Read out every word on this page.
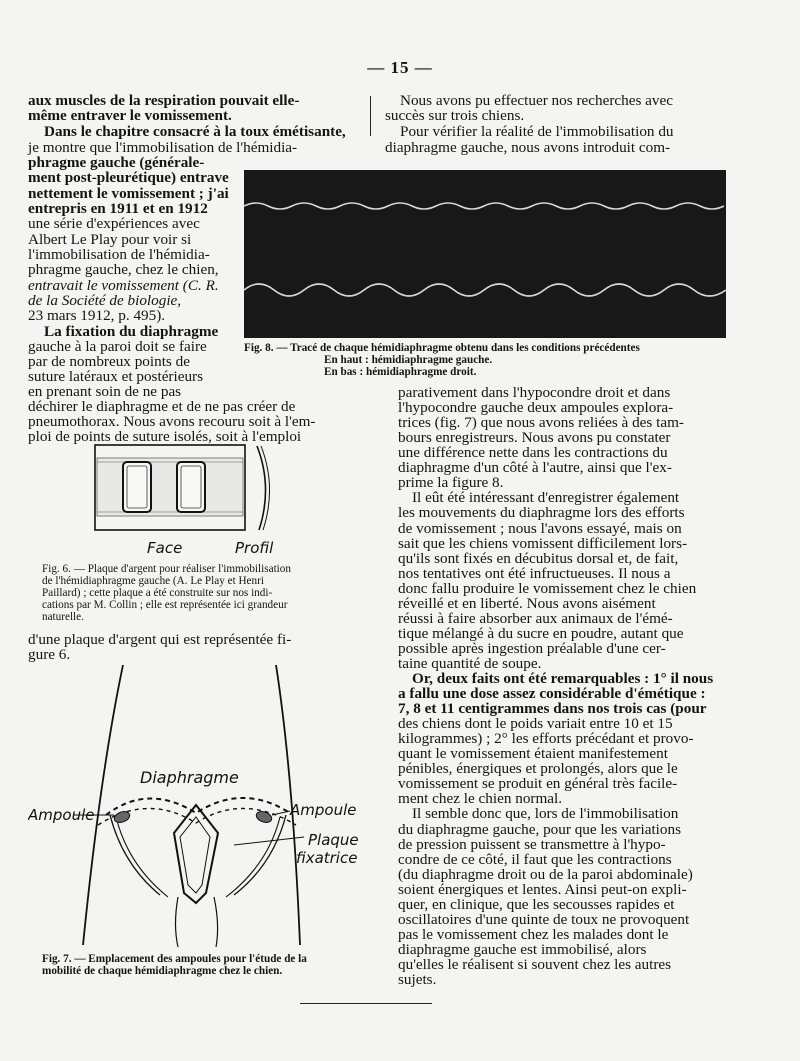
— 15 —
aux muscles de la respiration pouvait elle-
même entraver le vomissement.
Dans le chapitre consacré à la toux émétisante,
je montre que l'immobilisation de l'hémidia-
phragme gauche (générale-
ment post-pleurétique) entrave
nettement le vomissement ; j'ai
entrepris en 1911 et en 1912
une série d'expériences avec
Albert Le Play pour voir si
l'immobilisation de l'hémidia-
phragme gauche, chez le chien,
entravait le vomissement (C. R.
de la Société de biologie,
23 mars 1912, p. 495).
La fixation du diaphragme
gauche à la paroi doit se faire
par de nombreux points de
suture latéraux et postérieurs
en prenant soin de ne pas
déchirer le diaphragme et de ne pas créer de
pneumothorax. Nous avons recouru soit à l'em-
ploi de points de suture isolés, soit à l'emploi
Face	Profil
Fig. 6. — Plaque d'argent pour réaliser l'immobilisation
de l'hémidiaphragme gauche (A. Le Play et Henri
Paillard) ; cette plaque a été construite sur nos indi-
cations par M. Collin ; elle est représentée ici grandeur
naturelle.
d'une plaque d'argent qui est représentée fi-
gure 6.
Diaphragme
Ampoule	Ampoule
Plaque
fixatrice
Fig. 7. — Emplacement des ampoules pour l'étude de la
mobilité de chaque hémidiaphragme chez le chien.
Nous avons pu effectuer nos recherches avec
succès sur trois chiens.
Pour vérifier la réalité de l'immobilisation du
diaphragme gauche, nous avons introduit com-
Fig. 8. — Tracé de chaque hémidiaphragme obtenu dans les conditions précédentes
En haut : hémidiaphragme gauche.
En bas : hémidiaphragme droit.
parativement dans l'hypocondre droit et dans
l'hypocondre gauche deux ampoules explora-
trices (fig. 7) que nous avons reliées à des tam-
bours enregistreurs. Nous avons pu constater
une différence nette dans les contractions du
diaphragme d'un côté à l'autre, ainsi que l'ex-
prime la figure 8.
Il eût été intéressant d'enregistrer également
les mouvements du diaphragme lors des efforts
de vomissement ; nous l'avons essayé, mais on
sait que les chiens vomissent difficilement lors-
qu'ils sont fixés en décubitus dorsal et, de fait,
nos tentatives ont été infructueuses. Il nous a
donc fallu produire le vomissement chez le chien
réveillé et en liberté. Nous avons aisément
réussi à faire absorber aux animaux de l'émé-
tique mélangé à du sucre en poudre, autant que
possible après ingestion préalable d'une cer-
taine quantité de soupe.
Or, deux faits ont été remarquables : 1° il nous
a fallu une dose assez considérable d'émétique :
7, 8 et 11 centigrammes dans nos trois cas (pour
des chiens dont le poids variait entre 10 et 15
kilogrammes) ; 2° les efforts précédant et provo-
quant le vomissement étaient manifestement
pénibles, énergiques et prolongés, alors que le
vomissement se produit en général très facile-
ment chez le chien normal.
Il semble donc que, lors de l'immobilisation
du diaphragme gauche, pour que les variations
de pression puissent se transmettre à l'hypo-
condre de ce côté, il faut que les contractions
(du diaphragme droit ou de la paroi abdominale)
soient énergiques et lentes. Ainsi peut-on expli-
quer, en clinique, que les secousses rapides et
oscillatoires d'une quinte de toux ne provoquent
pas le vomissement chez les malades dont le
diaphragme gauche est immobilisé, alors
qu'elles le réalisent si souvent chez les autres
sujets.
